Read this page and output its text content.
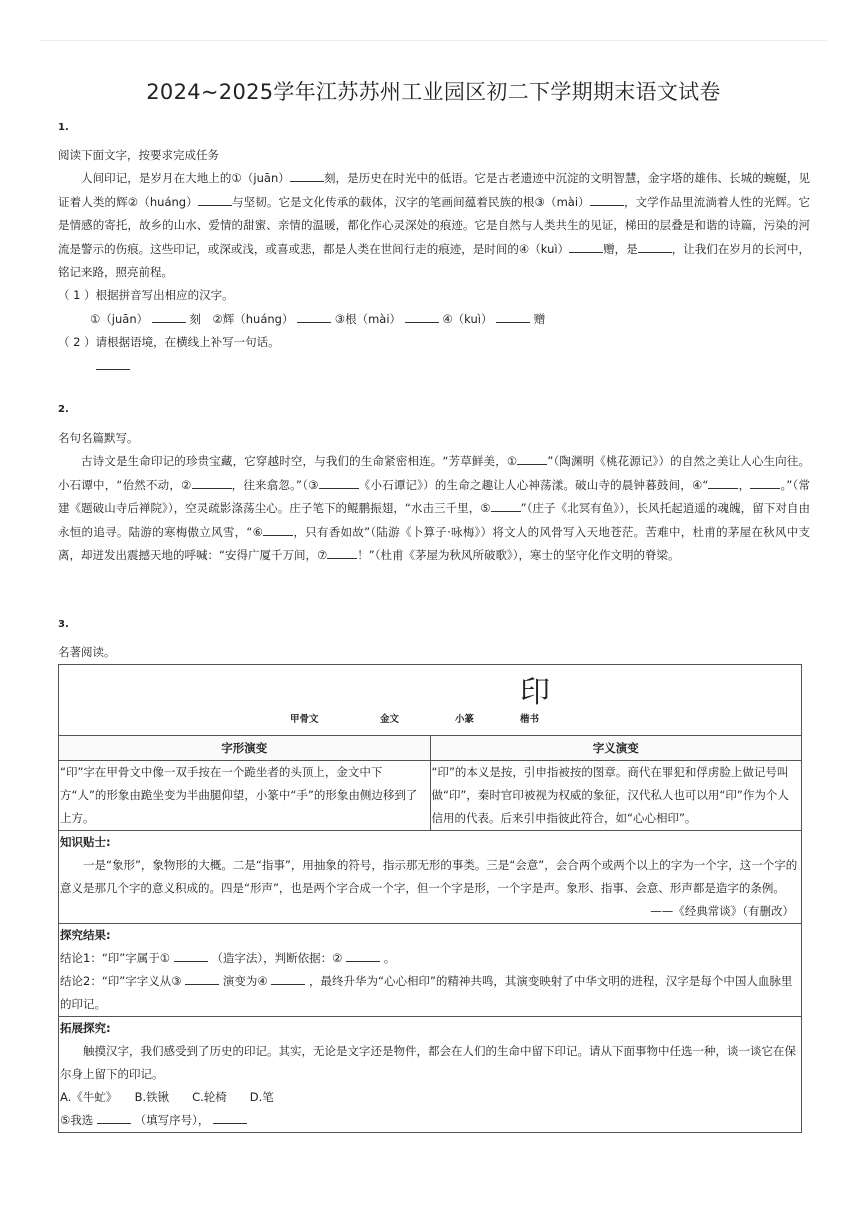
2024~2025学年江苏苏州工业园区初二下学期期末语文试卷
1.
阅读下面文字，按要求完成任务
人间印记，是岁月在大地上的①（juān）	刻，是历史在时光中的低语。它是古老遗迹中沉淀的文明智慧，金字塔的雄伟、长城的蜿蜒，见证着人类的辉②（huáng）	与坚韧。它是文化传承的载体，汉字的笔画间蕴着民族的根③（mài）	，文学作品里流淌着人性的光辉。它是情感的寄托，故乡的山水、爱情的甜蜜、亲情的温暖，都化作心灵深处的痕迹。它是自然与人类共生的见证，梯田的层叠是和谐的诗篇，污染的河流是警示的伤痕。这些印记，或深或浅，或喜或悲，都是人类在世间行走的痕迹，是时间的④（kuì）	赠，是	，让我们在岁月的长河中，铭记来路，照亮前程。
（ 1 ）根据拼音写出相应的汉字。
①（juān）	刻　②辉（huáng）	③根（mài）	④（kuì）	赠
（ 2 ）请根据语境，在横线上补写一句话。
2.
名句名篇默写。
古诗文是生命印记的珍贵宝藏，它穿越时空，与我们的生命紧密相连。“芳草鲜美，①	”（陶渊明《桃花源记》）的自然之美让人心生向往。小石谭中，“佁然不动，②	，往来翕忽。”（③	《小石谭记》）的生命之趣让人心神荡漾。破山寺的晨钟暮鼓间，④“	，	。”（常建《题破山寺后禅院》），空灵疏影涤荡尘心。庄子笔下的鲲鹏振翅，“水击三千里，⑤	”（庄子《北冥有鱼》），长风托起逍遥的魂魄，留下对自由永恒的追寻。陆游的寒梅傲立风雪，“⑥	，只有香如故”（陆游《卜算子·咏梅》）将文人的风骨写入天地苍茫。苦难中，杜甫的茅屋在秋风中支离，却迸发出震撼天地的呼喊：“安得广厦千万间，⑦	！”（杜甫《茅屋为秋风所破歌》），寒士的坚守化作文明的脊梁。
3.
名著阅读。
印
甲骨文 金文 小篆 楷书	

字形演变	字义演变
“印”字在甲骨文中像一双手按在一个跪坐者的头顶上，金文中下方“人”的形象由跪坐变为半曲腿仰望，小篆中“手”的形象由侧边移到了上方。	“印”的本义是按，引申指被按的图章。商代在罪犯和俘虏脸上做记号叫做“印”，秦时官印被视为权威的象征，汉代私人也可以用“印”作为个人信用的代表。后来引申指彼此符合，如“心心相印”。

知识贴士:
一是“象形”，象物形的大概。二是“指事”，用抽象的符号，指示那无形的事类。三是“会意”，会合两个或两个以上的字为一个字，这一个字的意义是那几个字的意义积成的。四是“形声”，也是两个字合成一个字，但一个字是形，一个字是声。象形、指事、会意、形声都是造字的条例。
——《经典常谈》（有删改）	

探究结果:
结论1：“印”字属于① （造字法），判断依据：② 。
结论2：“印”字字义从③ 演变为④ ，最终升华为“心心相印”的精神共鸣，其演变映射了中华文明的进程，汉字是每个中国人血脉里的印记。	

拓展探究:
触摸汉字，我们感受到了历史的印记。其实，无论是文字还是物件，都会在人们的生命中留下印记。请从下面事物中任选一种，谈一谈它在保尔身上留下的印记。
A.《牛虻》　　B.铁锹　　C.轮椅　　D.笔
⑤我选 （填写序号），	
